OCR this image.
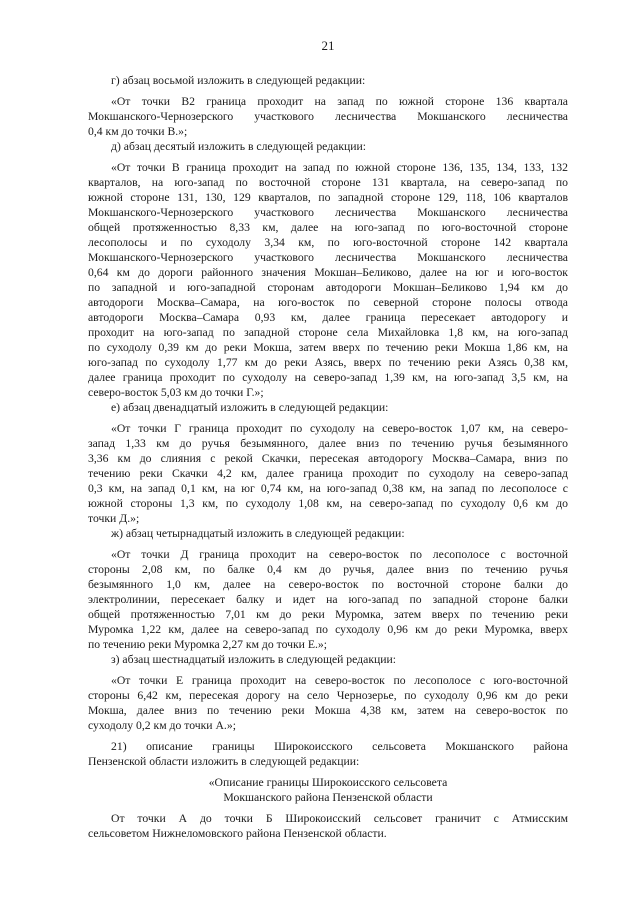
21
г) абзац восьмой изложить в следующей редакции:
«От точки В2 граница проходит на запад по южной стороне 136 квартала
Мокшанского-Чернозерского участкового лесничества Мокшанского лесничества
0,4 км до точки В.»;
д) абзац десятый изложить в следующей редакции:
«От точки В граница проходит на запад по южной стороне 136, 135, 134, 133, 132
кварталов, на юго-запад по восточной стороне 131 квартала, на северо-запад по
южной стороне 131, 130, 129 кварталов, по западной стороне 129, 118, 106 кварталов
Мокшанского-Чернозерского участкового лесничества Мокшанского лесничества
общей протяженностью 8,33 км, далее на юго-запад по юго-восточной стороне
лесополосы и по суходолу 3,34 км, по юго-восточной стороне 142 квартала
Мокшанского-Чернозерского участкового лесничества Мокшанского лесничества
0,64 км до дороги районного значения Мокшан–Беликово, далее на юг и юго-восток
по западной и юго-западной сторонам автодороги Мокшан–Беликово 1,94 км до
автодороги Москва–Самара, на юго-восток по северной стороне полосы отвода
автодороги Москва–Самара 0,93 км, далее граница пересекает автодорогу и
проходит на юго-запад по западной стороне села Михайловка 1,8 км, на юго-запад
по суходолу 0,39 км до реки Мокша, затем вверх по течению реки Мокша 1,86 км, на
юго-запад по суходолу 1,77 км до реки Азясь, вверх по течению реки Азясь 0,38 км,
далее граница проходит по суходолу на северо-запад 1,39 км, на юго-запад 3,5 км, на
северо-восток 5,03 км до точки Г.»;
е) абзац двенадцатый изложить в следующей редакции:
«От точки Г граница проходит по суходолу на северо-восток 1,07 км, на северо-
запад 1,33 км до ручья безымянного, далее вниз по течению ручья безымянного
3,36 км до слияния с рекой Скачки, пересекая автодорогу Москва–Самара, вниз по
течению реки Скачки 4,2 км, далее граница проходит по суходолу на северо-запад
0,3 км, на запад 0,1 км, на юг 0,74 км, на юго-запад 0,38 км, на запад по лесополосе с
южной стороны 1,3 км, по суходолу 1,08 км, на северо-запад по суходолу 0,6 км до
точки Д.»;
ж) абзац четырнадцатый изложить в следующей редакции:
«От точки Д граница проходит на северо-восток по лесополосе с восточной
стороны 2,08 км, по балке 0,4 км до ручья, далее вниз по течению ручья
безымянного 1,0 км, далее на северо-восток по восточной стороне балки до
электролинии, пересекает балку и идет на юго-запад по западной стороне балки
общей протяженностью 7,01 км до реки Муромка, затем вверх по течению реки
Муромка 1,22 км, далее на северо-запад по суходолу 0,96 км до реки Муромка, вверх
по течению реки Муромка 2,27 км до точки Е.»;
з) абзац шестнадцатый изложить в следующей редакции:
«От точки Е граница проходит на северо-восток по лесополосе с юго-восточной
стороны 6,42 км, пересекая дорогу на село Чернозерье, по суходолу 0,96 км до реки
Мокша, далее вниз по течению реки Мокша 4,38 км, затем на северо-восток по
суходолу 0,2 км до точки А.»;
21) описание границы Широкоисского сельсовета Мокшанского района
Пензенской области изложить в следующей редакции:
«Описание границы Широкоисского сельсовета
Мокшанского района Пензенской области
От точки А до точки Б Широкоисский сельсовет граничит с Атмисским
сельсоветом Нижнеломовского района Пензенской области.
